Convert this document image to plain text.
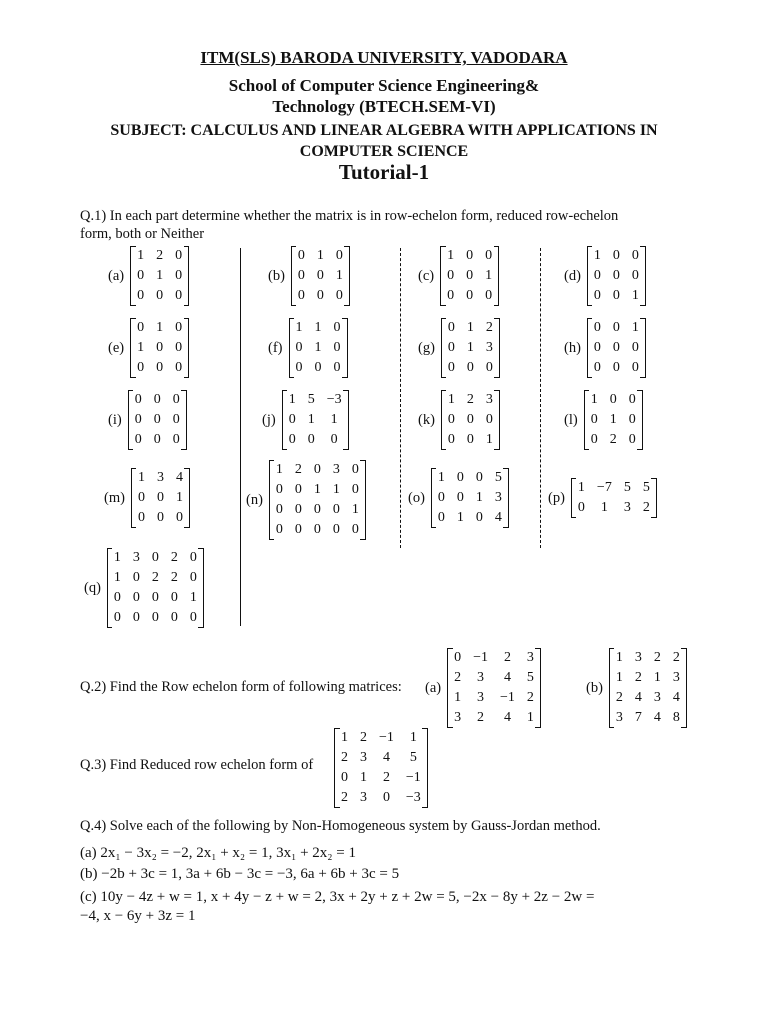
ITM(SLS) BARODA UNIVERSITY, VADODARA
School of Computer Science Engineering&
Technology (BTECH.SEM-VI)
SUBJECT: CALCULUS AND LINEAR ALGEBRA WITH APPLICATIONS IN
COMPUTER SCIENCE
Tutorial-1
Q.1) In each part determine whether the matrix is in row-echelon form, reduced row-echelon
form, both or Neither
(a)
1	2	0
0	1	0
0	0	0

(b)
0	1	0
0	0	1
0	0	0

(c)
1	0	0
0	0	1
0	0	0

(d)
1	0	0
0	0	0
0	0	1

(e)
0	1	0
1	0	0
0	0	0

(f)
1	1	0
0	1	0
0	0	0

(g)
0	1	2
0	1	3
0	0	0

(h)
0	0	1
0	0	0
0	0	0

(i)
0	0	0
0	0	0
0	0	0

(j)
1	5	−3
0	1	1
0	0	0

(k)
1	2	3
0	0	0
0	0	1

(l)
1	0	0
0	1	0
0	2	0

(m)
1	3	4
0	0	1
0	0	0

(n)
1	2	0	3	0
0	0	1	1	0
0	0	0	0	1
0	0	0	0	0

(o)
1	0	0	5
0	0	1	3
0	1	0	4

(p)
1	−7	5	5
0	1	3	2

(q)
1	3	0	2	0
1	0	2	2	0
0	0	0	0	1
0	0	0	0	0

Q.2) Find the Row echelon form of following matrices: (a)
0	−1	2	3
2	3	4	5
1	3	−1	2
3	2	4	1

(b)
1	3	2	2
1	2	1	3
2	4	3	4
3	7	4	8

Q.3) Find Reduced row echelon form of
1	2	−1	1
2	3	4	5
0	1	2	−1
2	3	0	−3

Q.4) Solve each of the following by Non-Homogeneous system by Gauss-Jordan method.
(a) 2x₁ − 3x₂ = −2, 2x₁ + x₂ = 1, 3x₁ + 2x₂ = 1
(b) −2b + 3c = 1, 3a + 6b − 3c = −3, 6a + 6b + 3c = 5
(c) 10y − 4z + w = 1, x + 4y − z + w = 2, 3x + 2y + z + 2w = 5, −2x − 8y + 2z − 2w =
−4, x − 6y + 3z = 1
